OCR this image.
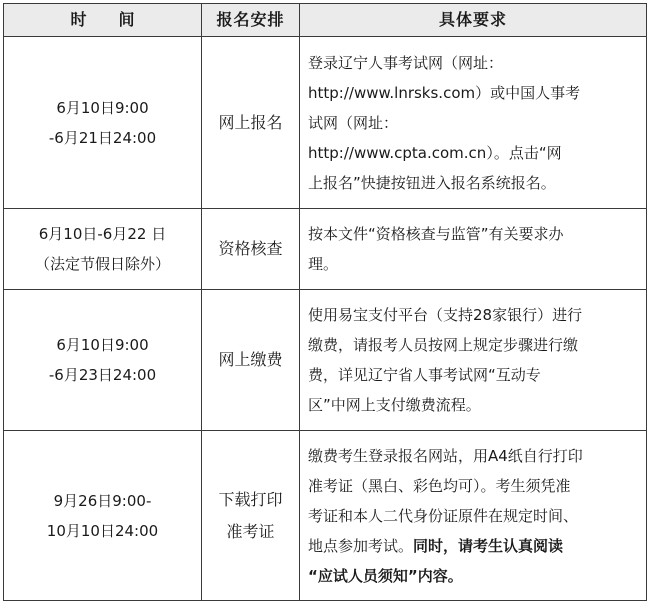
时　　间	报名安排	具体要求

6月10日9:00
-6月21日24:00	网上报名	登录辽宁人事考试网（网址：
http://www.lnrsks.com）或中国人事考
试网（网址：
http://www.cpta.com.cn）。点击“网
上报名”快捷按钮进入报名系统报名。

6月10日-6月22 日
（法定节假日除外）	资格核查	按本文件“资格核查与监管”有关要求办
理。

6月10日9:00
-6月23日24:00	网上缴费	使用易宝支付平台（支持28家银行）进行
缴费，请报考人员按网上规定步骤进行缴
费，详见辽宁省人事考试网“互动专
区”中网上支付缴费流程。

9月26日9:00-
10月10日24:00	下载打印
准考证	缴费考生登录报名网站，用A4纸自行打印
准考证（黑白、彩色均可）。考生须凭准
考证和本人二代身份证原件在规定时间、
地点参加考试。同时，请考生认真阅读
“应试人员须知”内容。
